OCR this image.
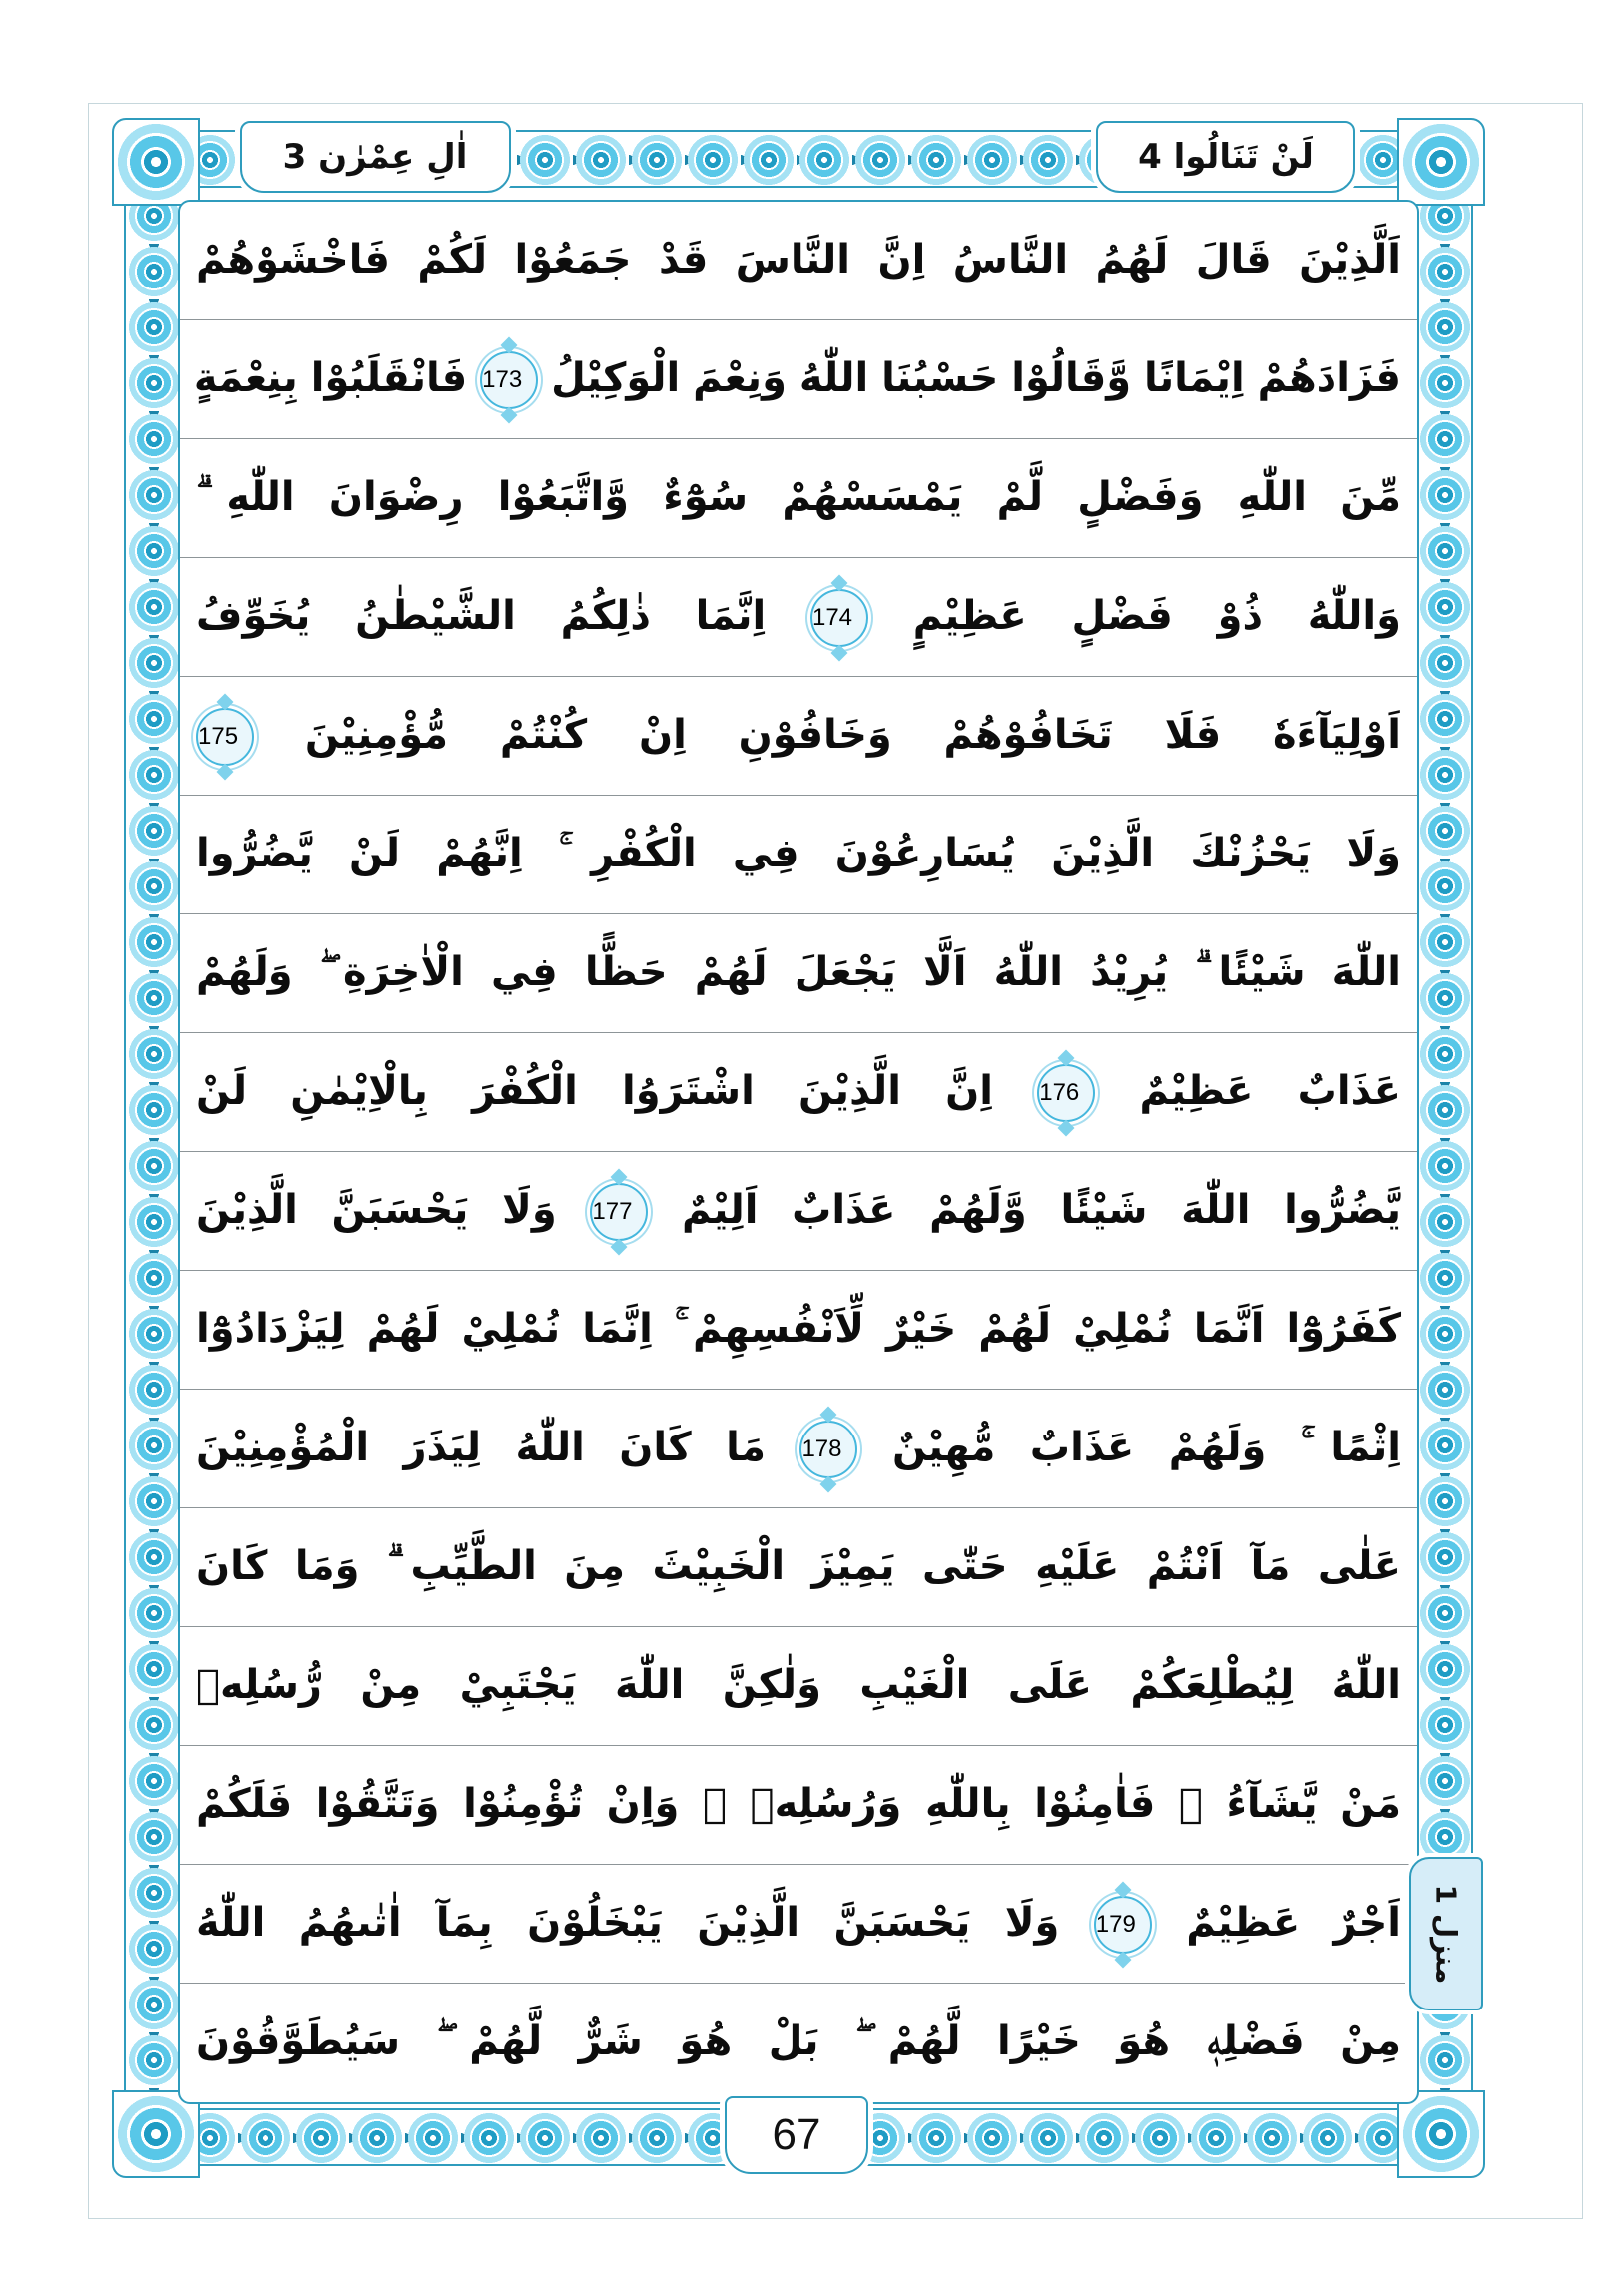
اٰلِ عِمْرٰن 3	لَنْ تَنَالُوا 4
اَلَّذِيْنَ قَالَ لَهُمُ النَّاسُ اِنَّ النَّاسَ قَدْ جَمَعُوْا لَكُمْ فَاخْشَوْهُمْ
فَزَادَهُمْ اِيْمَانًا وَّقَالُوْا حَسْبُنَا اللّٰهُ وَنِعْمَ الْوَكِيْلُ
173
فَانْقَلَبُوْا بِنِعْمَةٍ
مِّنَ اللّٰهِ وَفَضْلٍ لَّمْ يَمْسَسْهُمْ سُوْٓءٌ وَّاتَّبَعُوْا رِضْوَانَ اللّٰهِ ۗ
وَاللّٰهُ ذُوْ فَضْلٍ عَظِيْمٍ
174
اِنَّمَا ذٰلِكُمُ الشَّيْطٰنُ يُخَوِّفُ
اَوْلِيَآءَهٗ فَلَا تَخَافُوْهُمْ وَخَافُوْنِ اِنْ كُنْتُمْ مُّؤْمِنِيْنَ
175
وَلَا يَحْزُنْكَ الَّذِيْنَ يُسَارِعُوْنَ فِي الْكُفْرِ ۚ اِنَّهُمْ لَنْ يَّضُرُّوا
اللّٰهَ شَيْئًا ۗ يُرِيْدُ اللّٰهُ اَلَّا يَجْعَلَ لَهُمْ حَظًّا فِي الْاٰخِرَةِ ۖ وَلَهُمْ
عَذَابٌ عَظِيْمٌ
176
اِنَّ الَّذِيْنَ اشْتَرَوُا الْكُفْرَ بِالْاِيْمٰنِ لَنْ
يَّضُرُّوا اللّٰهَ شَيْئًا وَّلَهُمْ عَذَابٌ اَلِيْمٌ
177
وَلَا يَحْسَبَنَّ الَّذِيْنَ
كَفَرُوْٓا اَنَّمَا نُمْلِيْ لَهُمْ خَيْرٌ لِّاَنْفُسِهِمْ ۚ اِنَّمَا نُمْلِيْ لَهُمْ لِيَزْدَادُوْٓا
اِثْمًا ۚ وَلَهُمْ عَذَابٌ مُّهِيْنٌ
178
مَا كَانَ اللّٰهُ لِيَذَرَ الْمُؤْمِنِيْنَ
عَلٰى مَآ اَنْتُمْ عَلَيْهِ حَتّٰى يَمِيْزَ الْخَبِيْثَ مِنَ الطَّيِّبِ ۗ وَمَا كَانَ
اللّٰهُ لِيُطْلِعَكُمْ عَلَى الْغَيْبِ وَلٰكِنَّ اللّٰهَ يَجْتَبِيْ مِنْ رُّسُلِهٖ
مَنْ يَّشَآءُ ۖ فَاٰمِنُوْا بِاللّٰهِ وَرُسُلِهٖ ۚ وَاِنْ تُؤْمِنُوْا وَتَتَّقُوْا فَلَكُمْ
اَجْرٌ عَظِيْمٌ
179
وَلَا يَحْسَبَنَّ الَّذِيْنَ يَبْخَلُوْنَ بِمَآ اٰتٰىهُمُ اللّٰهُ
مِنْ فَضْلِهٖ هُوَ خَيْرًا لَّهُمْ ۖ بَلْ هُوَ شَرٌّ لَّهُمْ ۖ سَيُطَوَّقُوْنَ
منزل 1
67
